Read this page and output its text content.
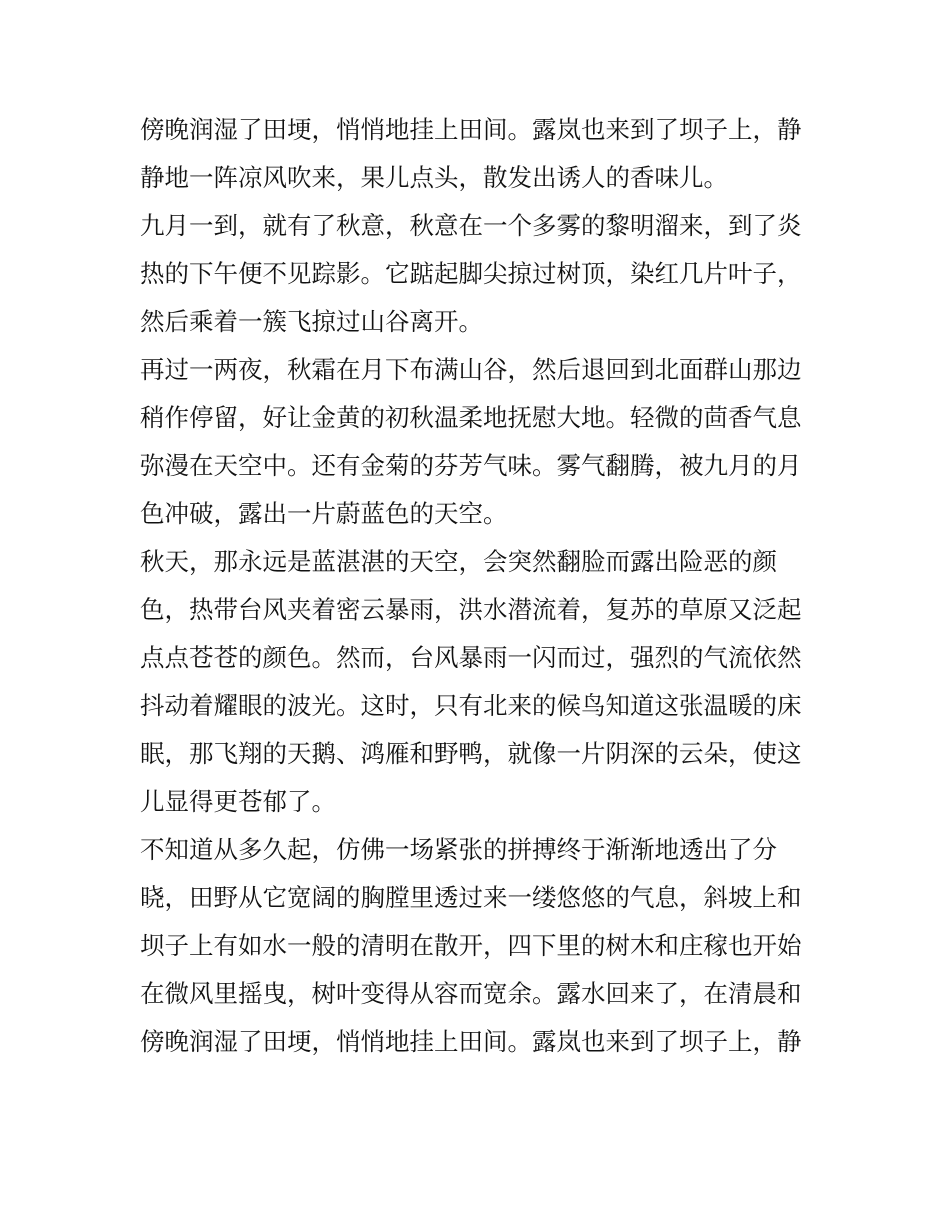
傍晚润湿了田埂，悄悄地挂上田间。露岚也来到了坝子上，静
静地一阵凉风吹来，果儿点头，散发出诱人的香味儿。

九月一到，就有了秋意，秋意在一个多雾的黎明溜来，到了炎
热的下午便不见踪影。它踮起脚尖掠过树顶，染红几片叶子，
然后乘着一簇飞掠过山谷离开。

再过一两夜，秋霜在月下布满山谷，然后退回到北面群山那边
稍作停留，好让金黄的初秋温柔地抚慰大地。轻微的茴香气息
弥漫在天空中。还有金菊的芬芳气味。雾气翻腾，被九月的月
色冲破，露出一片蔚蓝色的天空。

秋天，那永远是蓝湛湛的天空，会突然翻脸而露出险恶的颜
色，热带台风夹着密云暴雨，洪水潜流着，复苏的草原又泛起
点点苍苍的颜色。然而，台风暴雨一闪而过，强烈的气流依然
抖动着耀眼的波光。这时，只有北来的候鸟知道这张温暖的床
眠，那飞翔的天鹅、鸿雁和野鸭，就像一片阴深的云朵，使这
儿显得更苍郁了。

不知道从多久起，仿佛一场紧张的拼搏终于渐渐地透出了分
晓，田野从它宽阔的胸膛里透过来一缕悠悠的气息，斜坡上和
坝子上有如水一般的清明在散开，四下里的树木和庄稼也开始
在微风里摇曳，树叶变得从容而宽余。露水回来了，在清晨和
傍晚润湿了田埂，悄悄地挂上田间。露岚也来到了坝子上，静
